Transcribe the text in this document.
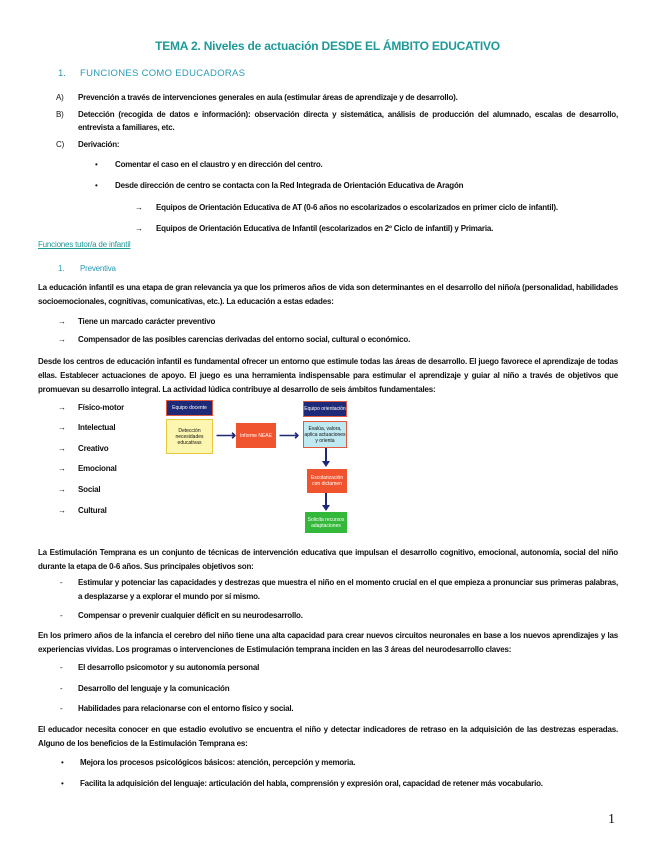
TEMA 2. Niveles de actuación DESDE EL ÁMBITO EDUCATIVO
1. FUNCIONES COMO EDUCADORAS
A) Prevención a través de intervenciones generales en aula (estimular áreas de aprendizaje y de desarrollo).
B) Detección (recogida de datos e información): observación directa y sistemática, análisis de producción del alumnado, escalas de desarrollo, entrevista a familiares, etc.
C) Derivación:
• Comentar el caso en el claustro y en dirección del centro.
• Desde dirección de centro se contacta con la Red Integrada de Orientación Educativa de Aragón
→ Equipos de Orientación Educativa de AT (0-6 años no escolarizados o escolarizados en primer ciclo de infantil).
→ Equipos de Orientación Educativa de Infantil (escolarizados en 2º Ciclo de infantil) y Primaria.
Funciones tutor/a de infantil
1. Preventiva
La educación infantil es una etapa de gran relevancia ya que los primeros años de vida son determinantes en el desarrollo del niño/a (personalidad, habilidades socioemocionales, cognitivas, comunicativas, etc.). La educación a estas edades:
→ Tiene un marcado carácter preventivo
→ Compensador de las posibles carencias derivadas del entorno social, cultural o económico.
Desde los centros de educación infantil es fundamental ofrecer un entorno que estimule todas las áreas de desarrollo. El juego favorece el aprendizaje de todas ellas. Establecer actuaciones de apoyo. El juego es una herramienta indispensable para estimular el aprendizaje y guiar al niño a través de objetivos que promuevan su desarrollo integral. La actividad lúdica contribuye al desarrollo de seis ámbitos fundamentales:
→ Físico-motor
→ Intelectual
→ Creativo
→ Emocional
→ Social
→ Cultural
Equipo docente
Detección necesidades educativas	⟶ Informe NEAE ⟶
Equipo orientación
Evalúa, valora, aplica actuaciones y orienta
Escolarización con dictamen
Solicita recursos adaptaciones
La Estimulación Temprana es un conjunto de técnicas de intervención educativa que impulsan el desarrollo cognitivo, emocional, autonomía, social del niño durante la etapa de 0-6 años. Sus principales objetivos son:
- Estimular y potenciar las capacidades y destrezas que muestra el niño en el momento crucial en el que empieza a pronunciar sus primeras palabras, a desplazarse y a explorar el mundo por sí mismo.
- Compensar o prevenir cualquier déficit en su neurodesarrollo.
En los primero años de la infancia el cerebro del niño tiene una alta capacidad para crear nuevos circuitos neuronales en base a los nuevos aprendizajes y las experiencias vividas. Los programas o intervenciones de Estimulación temprana inciden en las 3 áreas del neurodesarrollo claves:
- El desarrollo psicomotor y su autonomía personal
- Desarrollo del lenguaje y la comunicación
- Habilidades para relacionarse con el entorno físico y social.
El educador necesita conocer en que estadio evolutivo se encuentra el niño y detectar indicadores de retraso en la adquisición de las destrezas esperadas. Alguno de los beneficios de la Estimulación Temprana es:
• Mejora los procesos psicológicos básicos: atención, percepción y memoria.
• Facilita la adquisición del lenguaje: articulación del habla, comprensión y expresión oral, capacidad de retener más vocabulario.
1
